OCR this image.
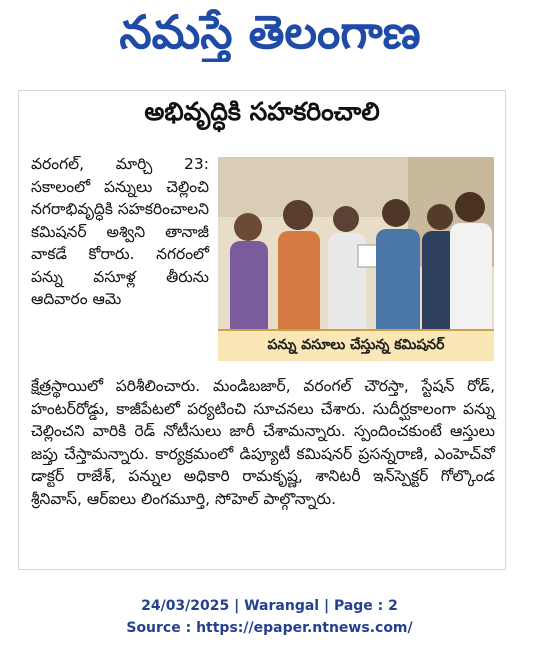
నమస్తే తెలంగాణ
అభివృద్ధికి సహకరించాలి
వరంగల్, మార్చి 23: సకాలంలో పన్నులు చెల్లించి నగరాభివృద్ధికి సహకరించాలని కమిషనర్ అశ్విని తానాజీ వాకడే కోరారు. నగరంలో పన్ను వసూళ్ల తీరును ఆదివారం ఆమె
పన్ను వసూలు చేస్తున్న కమిషనర్
క్షేత్రస్థాయిలో పరిశీలించారు. మండిబజార్, వరంగల్ చౌరస్తా, స్టేషన్ రోడ్, హంటర్‌రోడ్డు, కాజీపేటలో పర్యటించి సూచనలు చేశారు. సుదీర్ఘకాలంగా పన్ను చెల్లించని వారికి రెడ్ నోటీసులు జారీ చేశామన్నారు. స్పందించకుంటే ఆస్తులు జప్తు చేస్తామన్నారు. కార్యక్రమంలో డిప్యూటీ కమిషనర్ ప్రసన్నరాణి, ఎంహెచ్‌వో డాక్టర్ రాజేశ్, పన్నుల అధికారి రామకృష్ణ, శానిటరీ ఇన్‌స్పెక్టర్ గోల్కొండ శ్రీనివాస్, ఆర్‌ఐలు లింగమూర్తి, సోహెల్ పాల్గొన్నారు.
24/03/2025 | Warangal | Page : 2
Source : https://epaper.ntnews.com/
